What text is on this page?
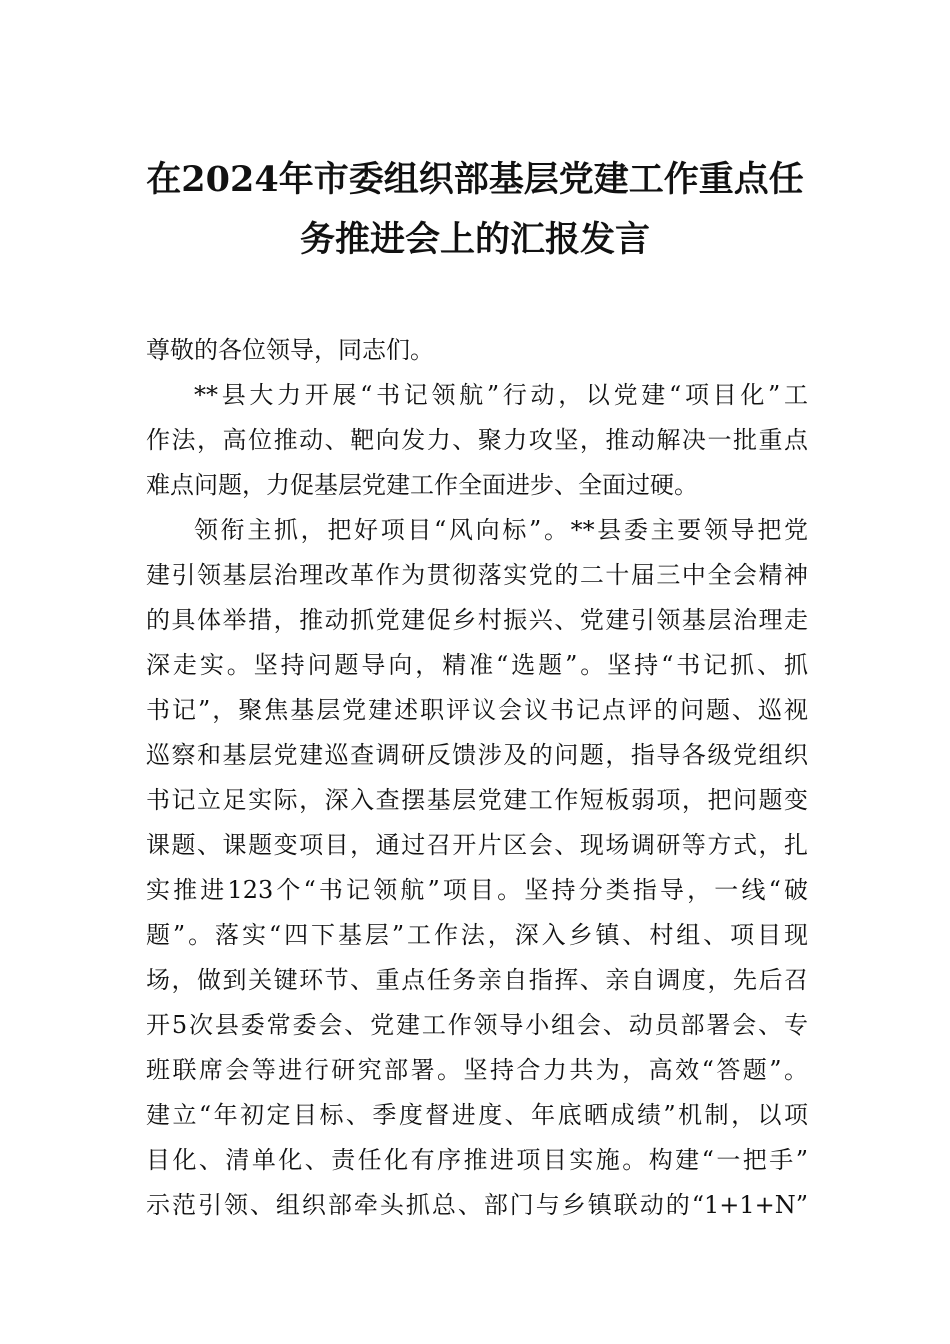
在2024年市委组织部基层党建工作重点任
务推进会上的汇报发言
尊敬的各位领导，同志们。
**县大力开展“书记领航”行动，以党建“项目化”工
作法，高位推动、靶向发力、聚力攻坚，推动解决一批重点
难点问题，力促基层党建工作全面进步、全面过硬。
领衔主抓，把好项目“风向标”。**县委主要领导把党
建引领基层治理改革作为贯彻落实党的二十届三中全会精神
的具体举措，推动抓党建促乡村振兴、党建引领基层治理走
深走实。坚持问题导向，精准“选题”。坚持“书记抓、抓
书记”，聚焦基层党建述职评议会议书记点评的问题、巡视
巡察和基层党建巡查调研反馈涉及的问题，指导各级党组织
书记立足实际，深入查摆基层党建工作短板弱项，把问题变
课题、课题变项目，通过召开片区会、现场调研等方式，扎
实推进123个“书记领航”项目。坚持分类指导，一线“破
题”。落实“四下基层”工作法，深入乡镇、村组、项目现
场，做到关键环节、重点任务亲自指挥、亲自调度，先后召
开5次县委常委会、党建工作领导小组会、动员部署会、专
班联席会等进行研究部署。坚持合力共为，高效“答题”。
建立“年初定目标、季度督进度、年底晒成绩”机制，以项
目化、清单化、责任化有序推进项目实施。构建“一把手”
示范引领、组织部牵头抓总、部门与乡镇联动的“1+1+N”
